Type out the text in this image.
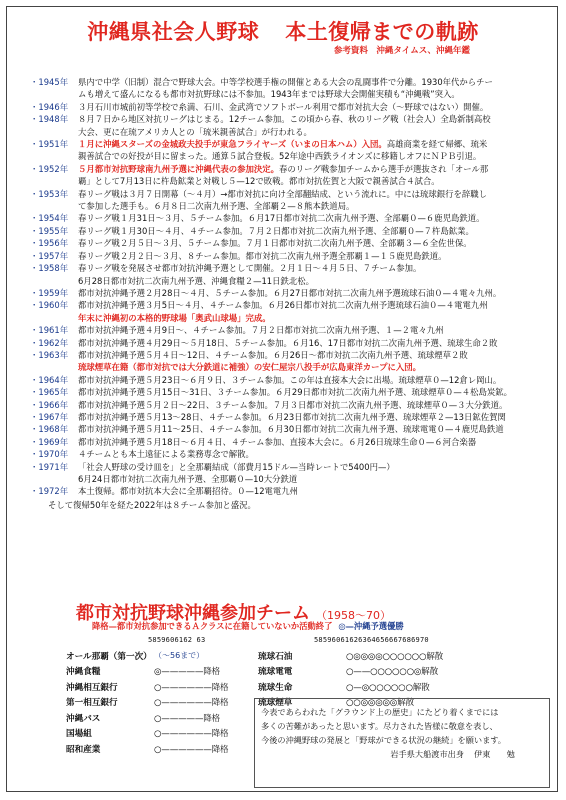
沖縄県社会人野球 本土復帰までの軌跡
参考資料　沖縄タイムス、沖縄年鑑
・1945年	県内で中学（旧制）混合で野球大会。中等学校選手権の開催とある大会の乱闘事件で分離。1930年代からチー
ムも増えて盛んになるも都市対抗野球には不参加。1943年までは野球大会開催実積も“沖縄戦”突入。
・1946年	３月石川市城前初等学校で糸満、石川、金武湾でソフトボール利用で都市対抗大会（〜野球ではない）開催。
・1948年	８月７日から地区対抗リーグはじまる。12チーム参加。この頃から春、秋のリーグ戦（社会人）全島新制高校
大会、更に在琉アメリカ人との「琉米親善試合」が行われる。
・1951年	１月に沖縄スターズの金城政夫投手が東急フライヤーズ（いまの日本ハム）入団。高雄商業を経て帰郷、琉米
親善試合での好投が目に留まった。通算５試合登板。52年途中西鉄ライオンズに移籍しオフにＮＰＢ引退。
・1952年	５月都市対抗野球南九州予選に沖縄代表の参加決定。春のリーグ戦参加チームから選手が選抜され「オール那
覇」として7月13日に杵島鉱業と対戦し５—12で敗戦。都市対抗佐賀と大阪で親善試合４試合。
・1953年	春リーグ戦は３月７日開幕（〜４月）→都市対抗に向け全部翻結成、という流れに。中には琉球銀行を辞職し
て参加した選手も。６月８日二次南九州予選、全部覇２—８熊本鉄道局。
・1954年	春リーグ戦１月31日〜３月、５チーム参加。６月17日都市対抗二次南九州予選、全部覇０—６鹿児島鉄道。
・1955年	春リーグ戦１月30日〜４月、４チーム参加。７月２日都市対抗二次南九州予選、全部覇０—７杵島鉱業。
・1956年	春リーグ戦２月５日〜３月、５チーム参加。７月１日都市対抗二次南九州予選、全部覇３—６全佐世保。
・1957年	春リーグ戦２月２日〜３月、８チーム参加。都市対抗二次南九州予選全那覇１—１５鹿児島鉄道。
・1958年	春リーグ戦を発展させ都市対抗沖縄予選として開催。２月１日〜４月５日、７チーム参加。
6月28日都市対抗二次南九州予選、沖縄食糧２—11日鉄北松。
・1959年	都市対抗沖縄予選２月28日〜４月、５チーム参加。６月27日都市対抗二次南九州予選琉球石油０—４電々九州。
・1960年	都市対抗沖縄予選３月5日〜４月、４チーム参加。６月26日都市対抗二次南九州予選琉球石油０—４電電九州
年末に沖縄初の本格的野球場「奥武山球場」完成。
・1961年	都市対抗沖縄予選４月9日〜、４チーム参加。７月２日都市対抗二次南九州予選、１—２電々九州
・1962年	都市対抗沖縄予選４月29日〜５月18日、５チーム参加。６月16、17日都市対抗二次南九州予選、琉球生命２敗
・1963年	都市対抗沖縄予選５月４日〜12日、４チーム参加。６月26日〜都市対抗二次南九州予選、琉球煙草２敗
琉球煙草在籍（都市対抗では大分鉄道に補強）の安仁屋宗八投手が広島東洋カープに入団。
・1964年	都市対抗沖縄予選５月23日〜６月９日、３チーム参加。この年は直接本大会に出場。琉球煙草０—12倉レ岡山。
・1965年	都市対抗沖縄予選５月15日〜31日、３チーム参加。６月29日都市対抗二次南九州予選、琉球煙草０—４松島炭鉱。
・1966年	都市対抗沖縄予選５月２日〜22日、３チーム参加。７月３日都市対抗二次南九州予選、琉球煙草０—３大分鉄道。
・1967年	都市対抗沖縄予選５月13〜28日、４チーム参加。６月23日都市対抗二次南九州予選、琉球煙草２—13日鉱佐賀関
・1968年	都市対抗沖縄予選５月11〜25日、４チーム参加。６月30日都市対抗二次南九州予選、琉球電電０—４鹿児島鉄道
・1969年	都市対抗沖縄予選５月18日〜６月４日、４チーム参加、直接本大会に。６月26日琉球生命０—６河合楽器
・1970年	４チームとも本土遠征による業務専念で解散。
・1971年	「社会人野球の受け皿を」と全那覇結成（部費月15ドル—当時レートで5400円—）
6月24日都市対抗二次南九州予選、全那覇０—10大分鉄道
・1972年	本土復帰。都市対抗本大会に全那覇招待。０—12電電九州
そして復帰50年を経た2022年は８チーム参加と盛況。
都市対抗野球沖縄参加チーム （1958〜70）
降格—都市対抗参加できるＡクラスに在籍していないか活動終了 ◎—沖縄予選優勝
5859606162 63	58596061626364656667686970
オール那覇（第一次） （〜56まで）
沖縄食糧	◎—————降格
沖縄相互銀行	○——————降格
第一相互銀行	○——————降格
沖縄バス	○—————降格
国場組	○——————降格
昭和産業	○——————降格
琉球石油	○◎◎◎◎○○○○○○解散
琉球電電	○——○○○○○○◎解散
琉球生命	○—◎○○○○○○解散
琉球煙草	○○◎◎◎◎◎解散
今表であらわれた「グラウンド上の歴史」にたどり着くまでには
多くの苦難があったと思います。尽力された皆様に敬意を表し、
今後の沖縄野球の発展と「野球ができる状況の継続」を願います。
岩手県大船渡市出身 伊東　　勉
